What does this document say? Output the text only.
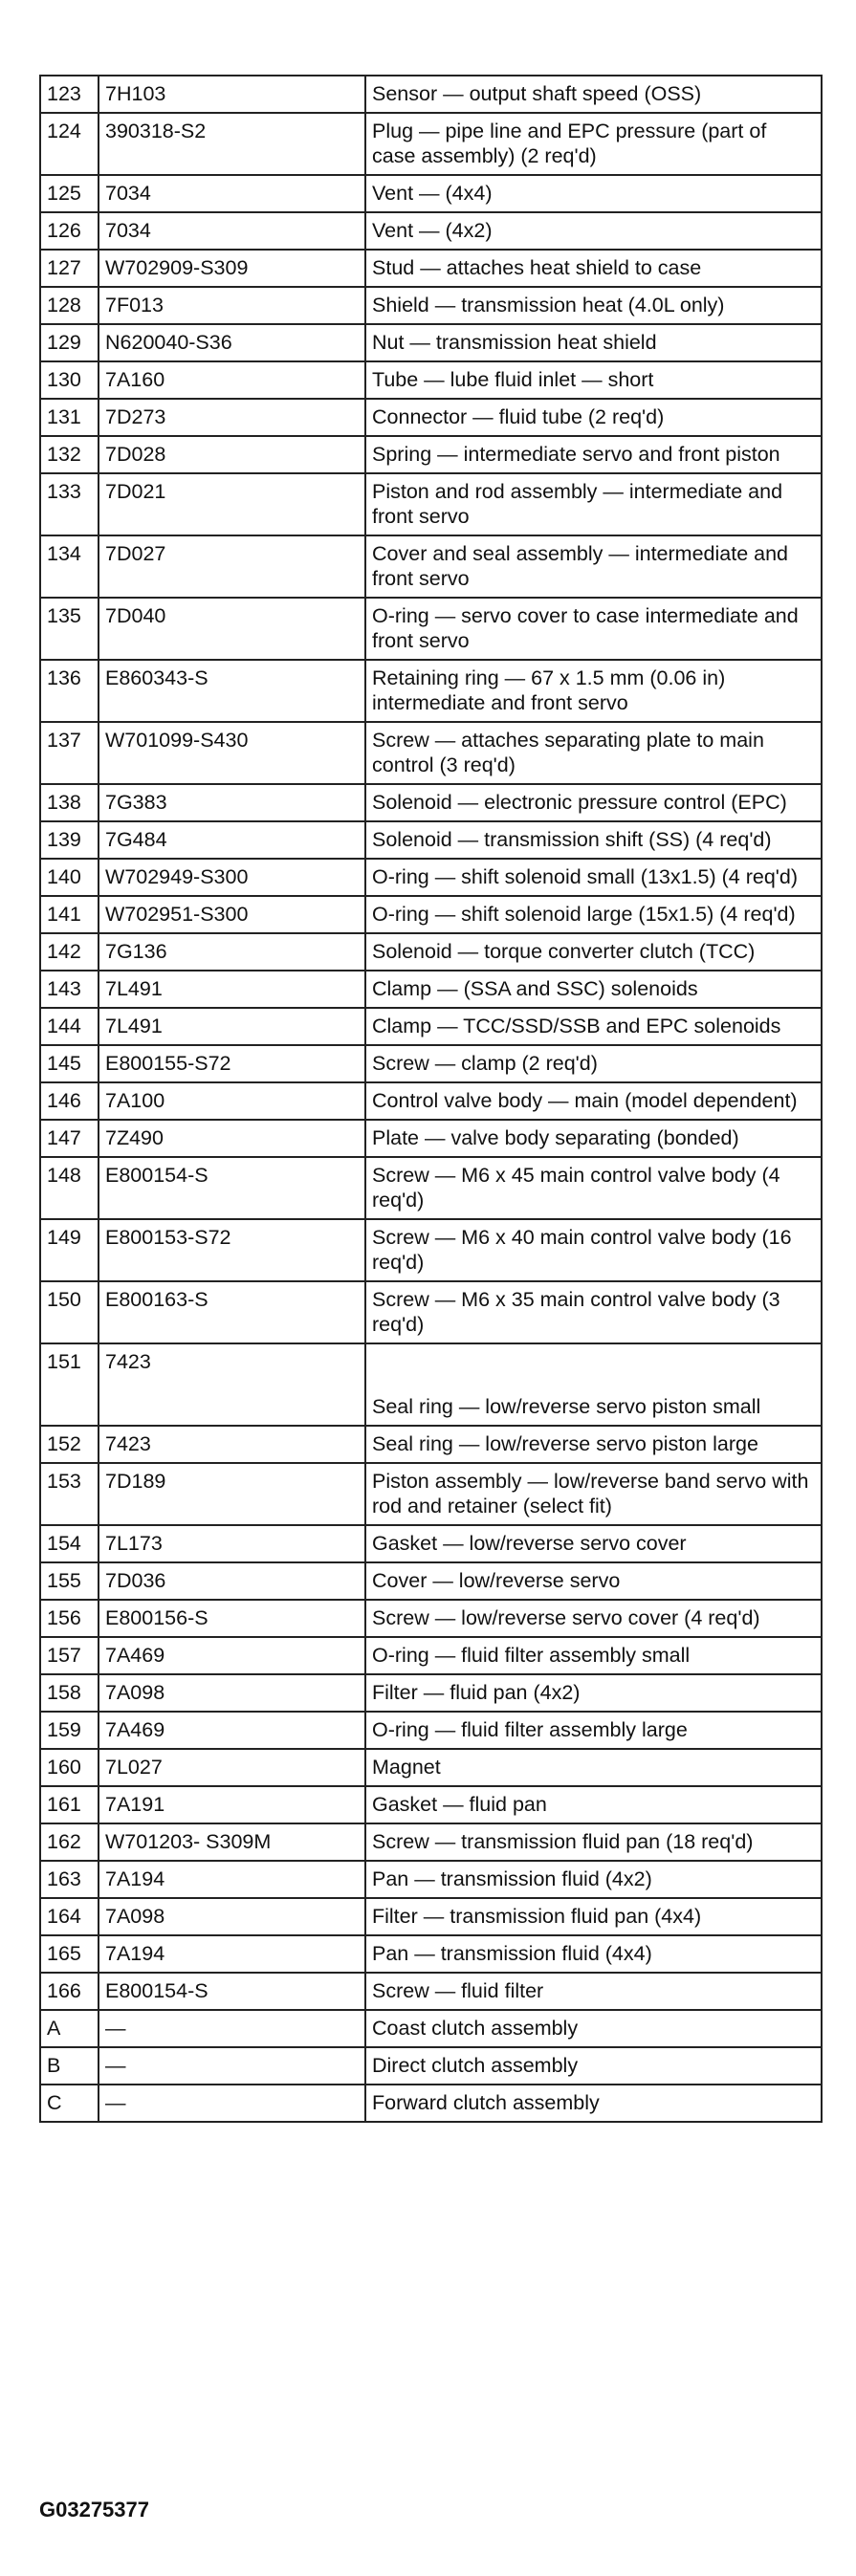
123	7H103	Sensor — output shaft speed (OSS)
124	390318-S2	Plug — pipe line and EPC pressure (part of case assembly) (2 req'd)
125	7034	Vent — (4x4)
126	7034	Vent — (4x2)
127	W702909-S309	Stud — attaches heat shield to case
128	7F013	Shield — transmission heat (4.0L only)
129	N620040-S36	Nut — transmission heat shield
130	7A160	Tube — lube fluid inlet — short
131	7D273	Connector — fluid tube (2 req'd)
132	7D028	Spring — intermediate servo and front piston
133	7D021	Piston and rod assembly — intermediate and front servo
134	7D027	Cover and seal assembly — intermediate and front servo
135	7D040	O-ring — servo cover to case intermediate and front servo
136	E860343-S	Retaining ring — 67 x 1.5 mm (0.06 in) intermediate and front servo
137	W701099-S430	Screw — attaches separating plate to main control (3 req'd)
138	7G383	Solenoid — electronic pressure control (EPC)
139	7G484	Solenoid — transmission shift (SS) (4 req'd)
140	W702949-S300	O-ring — shift solenoid small (13x1.5) (4 req'd)
141	W702951-S300	O-ring — shift solenoid large (15x1.5) (4 req'd)
142	7G136	Solenoid — torque converter clutch (TCC)
143	7L491	Clamp — (SSA and SSC) solenoids
144	7L491	Clamp — TCC/SSD/SSB and EPC solenoids
145	E800155-S72	Screw — clamp (2 req'd)
146	7A100	Control valve body — main (model dependent)
147	7Z490	Plate — valve body separating (bonded)
148	E800154-S	Screw — M6 x 45 main control valve body (4 req'd)
149	E800153-S72	Screw — M6 x 40 main control valve body (16 req'd)
150	E800163-S	Screw — M6 x 35 main control valve body (3 req'd)
151	7423	Seal ring — low/reverse servo piston small
152	7423	Seal ring — low/reverse servo piston large
153	7D189	Piston assembly — low/reverse band servo with rod and retainer (select fit)
154	7L173	Gasket — low/reverse servo cover
155	7D036	Cover — low/reverse servo
156	E800156-S	Screw — low/reverse servo cover (4 req'd)
157	7A469	O-ring — fluid filter assembly small
158	7A098	Filter — fluid pan (4x2)
159	7A469	O-ring — fluid filter assembly large
160	7L027	Magnet
161	7A191	Gasket — fluid pan
162	W701203- S309M	Screw — transmission fluid pan (18 req'd)
163	7A194	Pan — transmission fluid (4x2)
164	7A098	Filter — transmission fluid pan (4x4)
165	7A194	Pan — transmission fluid (4x4)
166	E800154-S	Screw — fluid filter
A	—	Coast clutch assembly
B	—	Direct clutch assembly
C	—	Forward clutch assembly
G03275377
